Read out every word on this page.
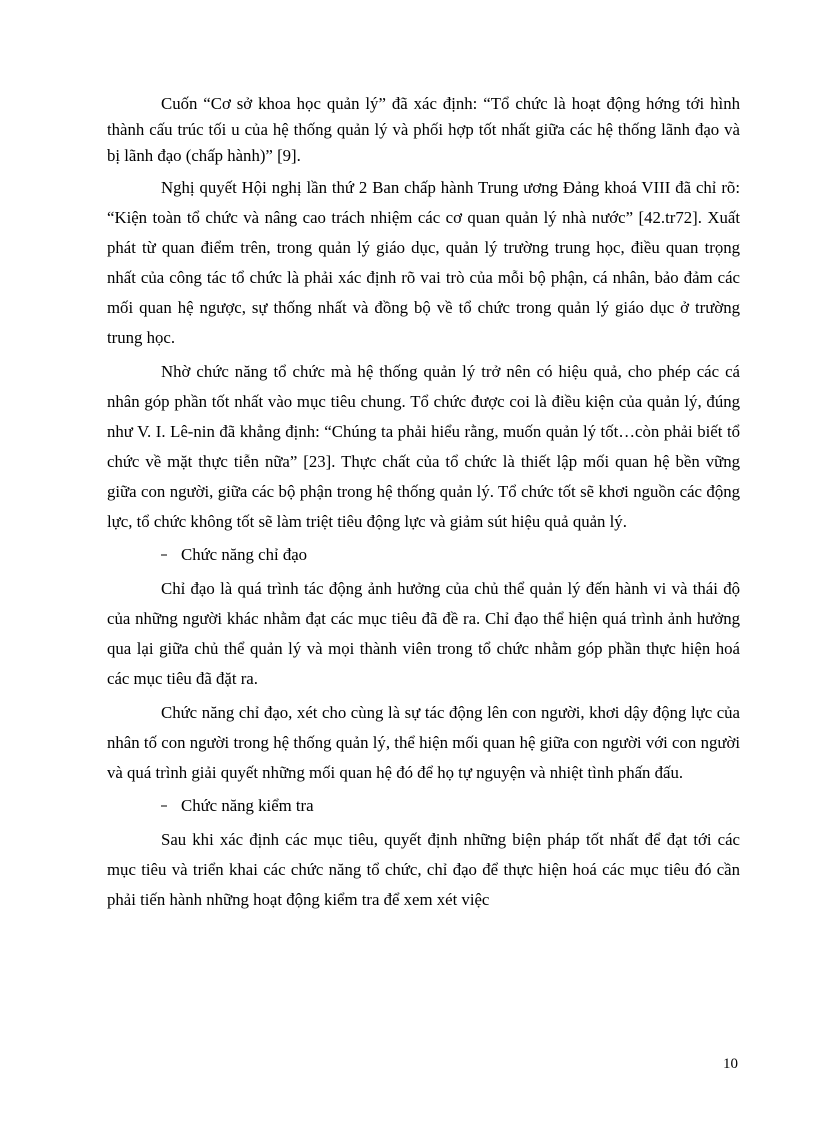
Cuốn “Cơ sở khoa học quản lý” đã xác định: “Tổ chức là hoạt động hớng tới hình thành cấu trúc tối u của hệ thống quản lý và phối hợp tốt nhất giữa các hệ thống lãnh đạo và bị lãnh đạo (chấp hành)” [9].

Nghị quyết Hội nghị lần thứ 2 Ban chấp hành Trung ương Đảng khoá VIII đã chỉ rõ: “Kiện toàn tổ chức và nâng cao trách nhiệm các cơ quan quản lý nhà nước” [42.tr72]. Xuất phát từ quan điểm trên, trong quản lý giáo dục, quản lý trường trung học, điều quan trọng nhất của công tác tổ chức là phải xác định rõ vai trò của mỗi bộ phận, cá nhân, bảo đảm các mối quan hệ ngược, sự thống nhất và đồng bộ về tổ chức trong quản lý giáo dục ở trường trung học.

Nhờ chức năng tổ chức mà hệ thống quản lý trở nên có hiệu quả, cho phép các cá nhân góp phần tốt nhất vào mục tiêu chung. Tổ chức được coi là điều kiện của quản lý, đúng như V. I. Lê-nin đã khẳng định: “Chúng ta phải hiểu rằng, muốn quản lý tốt…còn phải biết tổ chức về mặt thực tiễn nữa” [23]. Thực chất của tổ chức là thiết lập mối quan hệ bền vững giữa con người, giữa các bộ phận trong hệ thống quản lý. Tổ chức tốt sẽ khơi nguồn các động lực, tổ chức không tốt sẽ làm triệt tiêu động lực và giảm sút hiệu quả quản lý.

⎯ Chức năng chỉ đạo

Chỉ đạo là quá trình tác động ảnh hưởng của chủ thể quản lý đến hành vi và thái độ của những người khác nhằm đạt các mục tiêu đã đề ra. Chỉ đạo thể hiện quá trình ảnh hưởng qua lại giữa chủ thể quản lý và mọi thành viên trong tổ chức nhằm góp phần thực hiện hoá các mục tiêu đã đặt ra.

Chức năng chỉ đạo, xét cho cùng là sự tác động lên con người, khơi dậy động lực của nhân tố con người trong hệ thống quản lý, thể hiện mối quan hệ giữa con người với con người và quá trình giải quyết những mối quan hệ đó để họ tự nguyện và nhiệt tình phấn đấu.

⎯ Chức năng kiểm tra

Sau khi xác định các mục tiêu, quyết định những biện pháp tốt nhất để đạt tới các mục tiêu và triển khai các chức năng tổ chức, chỉ đạo để thực hiện hoá các mục tiêu đó cần phải tiến hành những hoạt động kiểm tra để xem xét việc

10
